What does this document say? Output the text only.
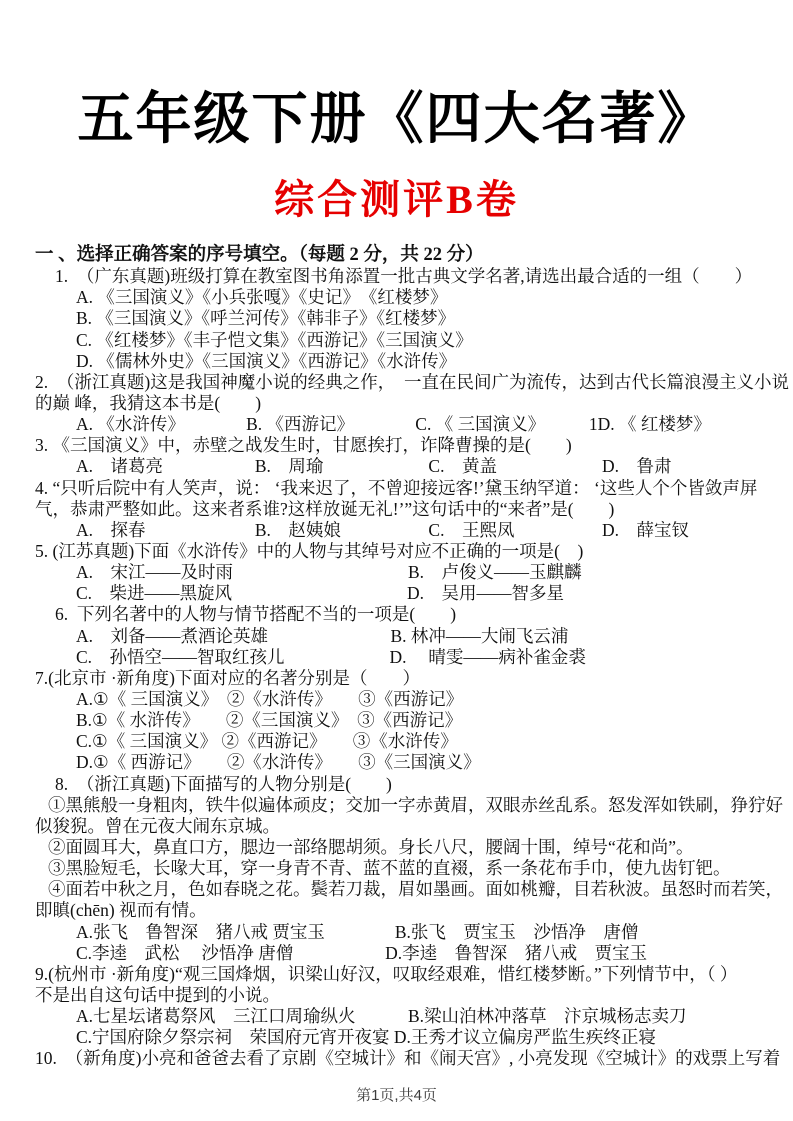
五年级下册《四大名著》
综合测评B卷
一 、选择正确答案的序号填空。（每题 2 分，共 22 分）
1.  （广东真题)班级打算在教室图书角添置一批古典文学名著,请选出最合适的一组（　　）
A. 《三国演义》《小兵张嘎》《史记》　《红楼梦》
B. 《三国演义》《呼兰河传》《韩非子》《红楼梦》
C. 《红楼梦》《丰子恺文集》《西游记》《三国演义》
D. 《儒林外史》《三国演义》《西游记》《水浒传》
2.  （浙江真题)这是我国神魔小说的经典之作，　一直在民间广为流传，达到古代长篇浪漫主义小说
的巅 峰，我猜这本书是(　　)
A. 《水浒传》　　　　B. 《西游记》　　　　C. 《 三国演义》　　　1D. 《 红楼梦》
3. 《三国演义》中，赤壁之战发生时，甘愿挨打，诈降曹操的是(　　)
A.　诸葛亮　　　　　 B.　周瑜　　　　　　C.　黄盖　　　　　　D.　鲁肃
4. “只听后院中有人笑声，说： ‘我来迟了，不曾迎接远客!’黛玉纳罕道： ‘这些人个个皆敛声屏
气，恭肃严整如此。这来者系谁?这样放诞无礼!’”这句话中的“来者”是(　　)
A.　探春　　　　　　 B.　赵姨娘　　　　　C.　王熙凤　　　　　D.　薛宝钗
5. (江苏真题)下面《水浒传》中的人物与其绰号对应不正确的一项是(　)
A.　宋江——及时雨　　　　　　　　　　B.　卢俊义——玉麒麟
C.　柴进——黑旋风　　　　　　　　　　D.　吴用——智多星
6.  下列名著中的人物与情节搭配不当的一项是(　　)
A.　刘备——煮酒论英雄　　　　　　　B. 林冲——大闹飞云浦
C.　孙悟空——智取红孩儿　　　　　　D.　 晴雯——病补雀金裘
7.(北京市 ·新角度)下面对应的名著分别是（　　）
A.①《 三国演义》　②《水浒传》　　③《西游记》
B.①《 水浒传》　　②《三国演义》　③《西游记》
C.①《 三国演义》 ②《西游记》　　③《水浒传》
D.①《 西游记》　　②《水浒传》　　③《三国演义》
8.  （浙江真题)下面描写的人物分别是(　　)
①黑熊般一身粗肉，铁牛似遍体顽皮；交加一字赤黄眉，双眼赤丝乱系。怒发浑如铁刷，狰狞好
似狻猊。曾在元夜大闹东京城。
②面圆耳大，鼻直口方，腮边一部络腮胡须。身长八尺，腰阔十围，绰号“花和尚”。
③黑脸短毛，长喙大耳，穿一身青不青、蓝不蓝的直裰，系一条花布手巾，使九齿钉钯。
④面若中秋之月，色如春晓之花。鬓若刀裁，眉如墨画。面如桃瓣，目若秋波。虽怒时而若笑，
即瞋(chēn) 视而有情。
A.张飞　鲁智深　猪八戒 贾宝玉　　　　B.张飞　贾宝玉　沙悟净　唐僧
C.李逵　武松　 沙悟净 唐僧　　　　　 D.李逵　鲁智深　猪八戒　贾宝玉
9.(杭州市 ·新角度)“观三国烽烟，识梁山好汉，叹取经艰难，惜红楼梦断。”下列情节中，（ ）
不是出自这句话中提到的小说。
A.七星坛诸葛祭风　三江口周瑜纵火　　　B.梁山泊林冲落草　汴京城杨志卖刀
C.宁国府除夕祭宗祠　荣国府元宵开夜宴 D.王秀才议立偏房严监生疾终正寝
10.  （新角度)小亮和爸爸去看了京剧《空城计》和《闹天宫》, 小亮发现《空城计》的戏票上写着
第1页,共4页
